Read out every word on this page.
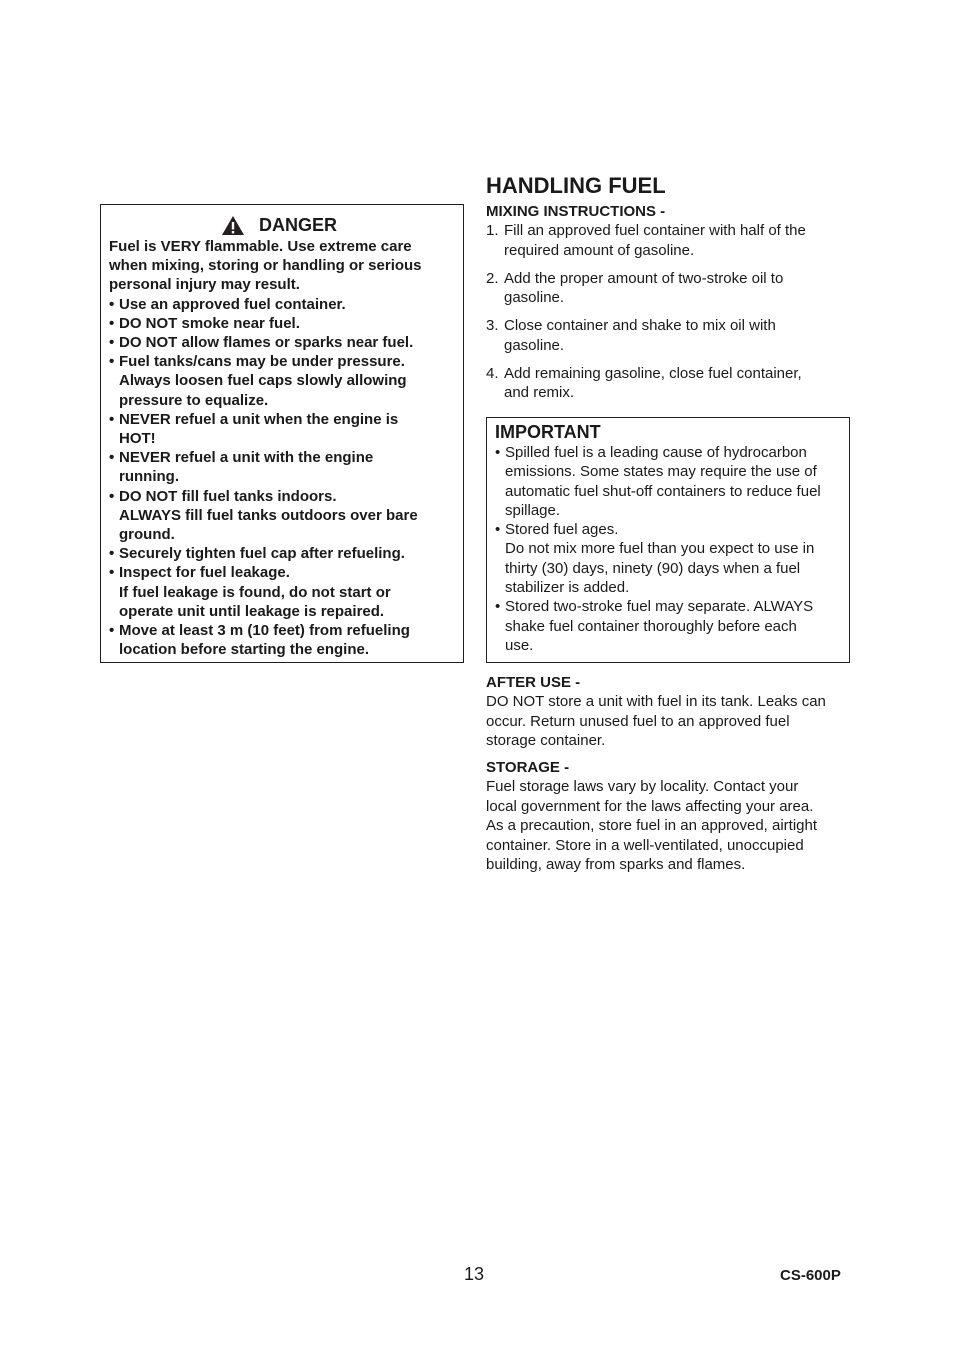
DANGER
Fuel is VERY flammable. Use extreme care
when mixing, storing or handling or serious
personal injury may result.
• Use an approved fuel container.
• DO NOT smoke near fuel.
• DO NOT allow flames or sparks near fuel.
• Fuel tanks/cans may be under pressure.
Always loosen fuel caps slowly allowing
pressure to equalize.
• NEVER refuel a unit when the engine is
HOT!
• NEVER refuel a unit with the engine
running.
• DO NOT fill fuel tanks indoors.
ALWAYS fill fuel tanks outdoors over bare
ground.
• Securely tighten fuel cap after refueling.
• Inspect for fuel leakage.
If fuel leakage is found, do not start or
operate unit until leakage is repaired.
• Move at least 3 m (10 feet) from refueling
location before starting the engine.
HANDLING FUEL
MIXING INSTRUCTIONS -
1. Fill an approved fuel container with half of the
required amount of gasoline.
2. Add the proper amount of two-stroke oil to
gasoline.
3. Close container and shake to mix oil with
gasoline.
4. Add remaining gasoline, close fuel container,
and remix.
IMPORTANT
• Spilled fuel is a leading cause of hydrocarbon
emissions. Some states may require the use of
automatic fuel shut-off containers to reduce fuel
spillage.
• Stored fuel ages.
Do not mix more fuel than you expect to use in
thirty (30) days, ninety (90) days when a fuel
stabilizer is added.
• Stored two-stroke fuel may separate. ALWAYS
shake fuel container thoroughly before each
use.
AFTER USE -

DO NOT store a unit with fuel in its tank. Leaks can
occur. Return unused fuel to an approved fuel
storage container.

STORAGE -

Fuel storage laws vary by locality. Contact your
local government for the laws affecting your area.
As a precaution, store fuel in an approved, airtight
container. Store in a well-ventilated, unoccupied
building, away from sparks and flames.

13	CS-600P
